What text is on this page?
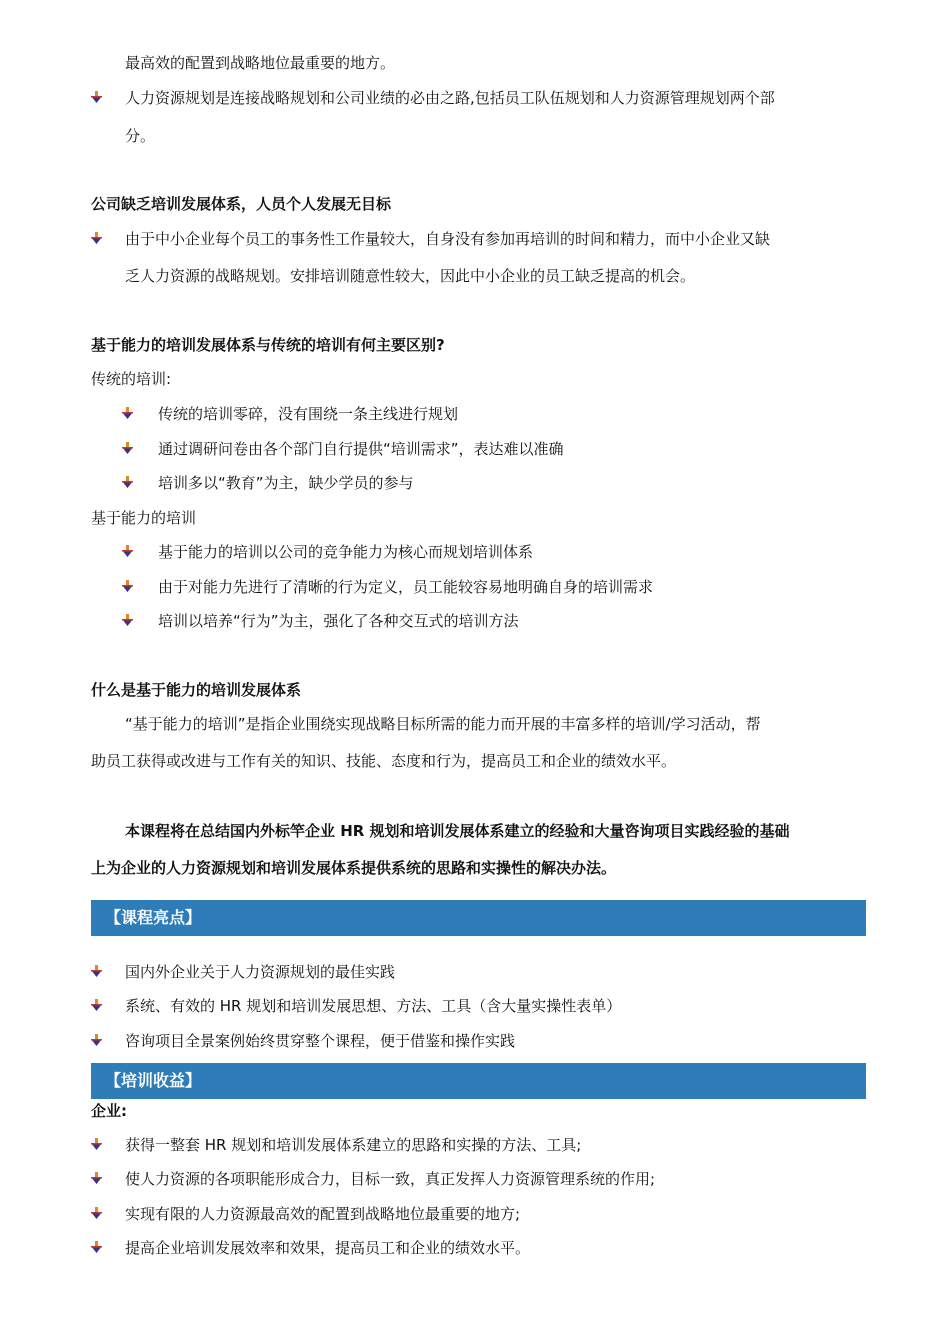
最高效的配置到战略地位最重要的地方。
人力资源规划是连接战略规划和公司业绩的必由之路,包括员工队伍规划和人力资源管理规划两个部
分。
公司缺乏培训发展体系，人员个人发展无目标
由于中小企业每个员工的事务性工作量较大，自身没有参加再培训的时间和精力，而中小企业又缺
乏人力资源的战略规划。安排培训随意性较大，因此中小企业的员工缺乏提高的机会。
基于能力的培训发展体系与传统的培训有何主要区别?
传统的培训:
传统的培训零碎，没有围绕一条主线进行规划
通过调研问卷由各个部门自行提供“培训需求”，表达难以准确
培训多以“教育”为主，缺少学员的参与
基于能力的培训
基于能力的培训以公司的竞争能力为核心而规划培训体系
由于对能力先进行了清晰的行为定义，员工能较容易地明确自身的培训需求
培训以培养“行为”为主，强化了各种交互式的培训方法
什么是基于能力的培训发展体系
“基于能力的培训”是指企业围绕实现战略目标所需的能力而开展的丰富多样的培训/学习活动，帮
助员工获得或改进与工作有关的知识、技能、态度和行为，提高员工和企业的绩效水平。
本课程将在总结国内外标竿企业 HR 规划和培训发展体系建立的经验和大量咨询项目实践经验的基础
上为企业的人力资源规划和培训发展体系提供系统的思路和实操性的解决办法。
【课程亮点】
国内外企业关于人力资源规划的最佳实践
系统、有效的 HR 规划和培训发展思想、方法、工具（含大量实操性表单）
咨询项目全景案例始终贯穿整个课程，便于借鉴和操作实践
【培训收益】
企业:
获得一整套 HR 规划和培训发展体系建立的思路和实操的方法、工具;
使人力资源的各项职能形成合力，目标一致，真正发挥人力资源管理系统的作用;
实现有限的人力资源最高效的配置到战略地位最重要的地方;
提高企业培训发展效率和效果，提高员工和企业的绩效水平。
